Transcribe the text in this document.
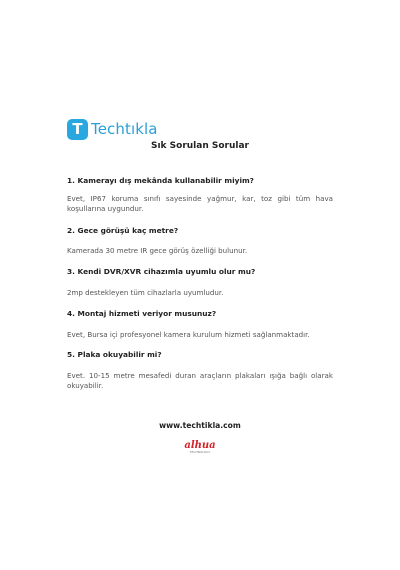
T Techtıkla
Sık Sorulan Sorular
1. Kamerayı dış mekânda kullanabilir miyim?
Evet, IP67 koruma sınıfı sayesinde yağmur, kar, toz gibi tüm hava koşullarına uygundur.
2. Gece görüşü kaç metre?
Kamerada 30 metre IR gece görüş özelliği bulunur.
3. Kendi DVR/XVR cihazımla uyumlu olur mu?
2mp destekleyen tüm cihazlarla uyumludur.
4. Montaj hizmeti veriyor musunuz?
Evet, Bursa içi profesyonel kamera kurulum hizmeti sağlanmaktadır.
5. Plaka okuyabilir mi?
Evet. 10-15 metre mesafedi duran araçların plakaları ışığa bağlı olarak okuyabilir.
www.techtikla.com
alhua
TECHNOLOGY
